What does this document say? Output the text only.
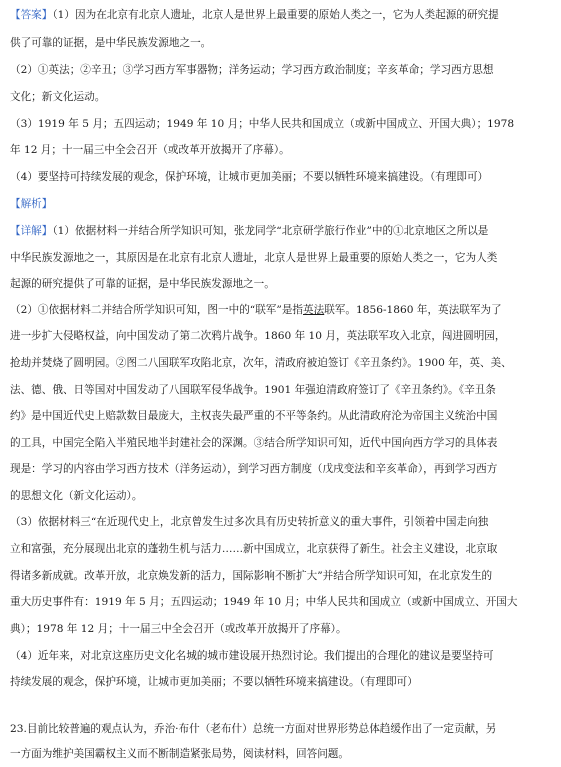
【答案】（1）因为在北京有北京人遗址，北京人是世界上最重要的原始人类之一，它为人类起源的研究提
供了可靠的证据，是中华民族发源地之一。
（2）①英法；②辛丑；③学习西方军事器物；洋务运动；学习西方政治制度；辛亥革命；学习西方思想
文化；新文化运动。
（3）1919 年 5 月；五四运动；1949 年 10 月；中华人民共和国成立（或新中国成立、开国大典）；1978
年 12 月；十一届三中全会召开（或改革开放揭开了序幕）。
（4）要坚持可持续发展的观念，保护环境，让城市更加美丽；不要以牺牲环境来搞建设。（有理即可）
【解析】
【详解】（1）依据材料一并结合所学知识可知，张龙同学“北京研学旅行作业”中的①北京地区之所以是
中华民族发源地之一，其原因是在北京有北京人遗址，北京人是世界上最重要的原始人类之一，它为人类
起源的研究提供了可靠的证据，是中华民族发源地之一。
（2）①依据材料二并结合所学知识可知，图一中的“联军”是指英法联军。1856-1860 年，英法联军为了
进一步扩大侵略权益，向中国发动了第二次鸦片战争。1860 年 10 月，英法联军攻入北京，闯进圆明园，
抢劫并焚烧了圆明园。②图二八国联军攻陷北京，次年，清政府被迫签订《辛丑条约》。1900 年，英、美、
法、德、俄、日等国对中国发动了八国联军侵华战争。1901 年强迫清政府签订了《辛丑条约》。《辛丑条
约》是中国近代史上赔款数目最庞大，主权丧失最严重的不平等条约。从此清政府沦为帝国主义统治中国
的工具，中国完全陷入半殖民地半封建社会的深渊。③结合所学知识可知，近代中国向西方学习的具体表
现是：学习的内容由学习西方技术（洋务运动），到学习西方制度（戊戌变法和辛亥革命），再到学习西方
的思想文化（新文化运动）。
（3）依据材料三“在近现代史上，北京曾发生过多次具有历史转折意义的重大事件，引领着中国走向独
立和富强，充分展现出北京的蓬勃生机与活力……新中国成立，北京获得了新生。社会主义建设，北京取
得诸多新成就。改革开放，北京焕发新的活力，国际影响不断扩大”并结合所学知识可知，在北京发生的
重大历史事件有：1919 年 5 月；五四运动；1949 年 10 月；中华人民共和国成立（或新中国成立、开国大
典）；1978 年 12 月；十一届三中全会召开（或改革开放揭开了序幕）。
（4）近年来，对北京这座历史文化名城的城市建设展开热烈讨论。我们提出的合理化的建议是要坚持可
持续发展的观念，保护环境，让城市更加美丽；不要以牺牲环境来搞建设。（有理即可）
23.目前比较普遍的观点认为，乔治·布什（老布什）总统一方面对世界形势总体趋缓作出了一定贡献，另
一方面为维护美国霸权主义而不断制造紧张局势，阅读材料，回答问题。
